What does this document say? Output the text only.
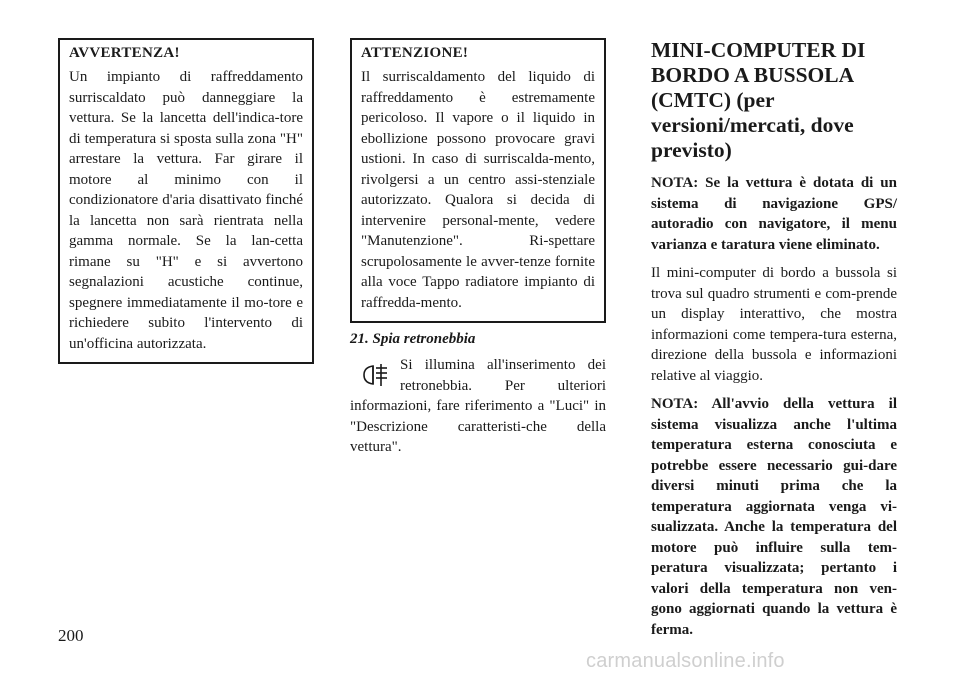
AVVERTENZA!

Un impianto di raffreddamento surriscaldato può danneggiare la vettura. Se la lancetta dell'indica-tore di temperatura si sposta sulla zona "H" arrestare la vettura. Far girare il motore al minimo con il condizionatore d'aria disattivato finché la lancetta non sarà rientrata nella gamma normale. Se la lan-cetta rimane su "H" e si avvertono segnalazioni acustiche continue, spegnere immediatamente il mo-tore e richiedere subito l'intervento di un'officina autorizzata.

ATTENZIONE!

Il surriscaldamento del liquido di raffreddamento è estremamente pericoloso. Il vapore o il liquido in ebollizione possono provocare gravi ustioni. In caso di surriscalda-mento, rivolgersi a un centro assi-stenziale autorizzato. Qualora si decida di intervenire personal-mente, vedere "Manutenzione". Ri-spettare scrupolosamente le avver-tenze fornite alla voce Tappo radiatore impianto di raffredda-mento.

21. Spia retronebbia

Si illumina all'inserimento dei retronebbia. Per ulteriori informazioni, fare riferimento a "Luci" in "Descrizione caratteristi-che della vettura".

MINI-COMPUTER DI BORDO A BUSSOLA (CMTC) (per versioni/mercati, dove previsto)

NOTA: Se la vettura è dotata di un sistema di navigazione GPS/ autoradio con navigatore, il menu varianza e taratura viene eliminato.

Il mini-computer di bordo a bussola si trova sul quadro strumenti e com-prende un display interattivo, che mostra informazioni come tempera-tura esterna, direzione della bussola e informazioni relative al viaggio.

NOTA: All'avvio della vettura il sistema visualizza anche l'ultima temperatura esterna conosciuta e potrebbe essere necessario gui-dare diversi minuti prima che la temperatura aggiornata venga vi-sualizzata. Anche la temperatura del motore può influire sulla tem-peratura visualizzata; pertanto i valori della temperatura non ven-gono aggiornati quando la vettura è ferma.

200
carmanualsonline.info
